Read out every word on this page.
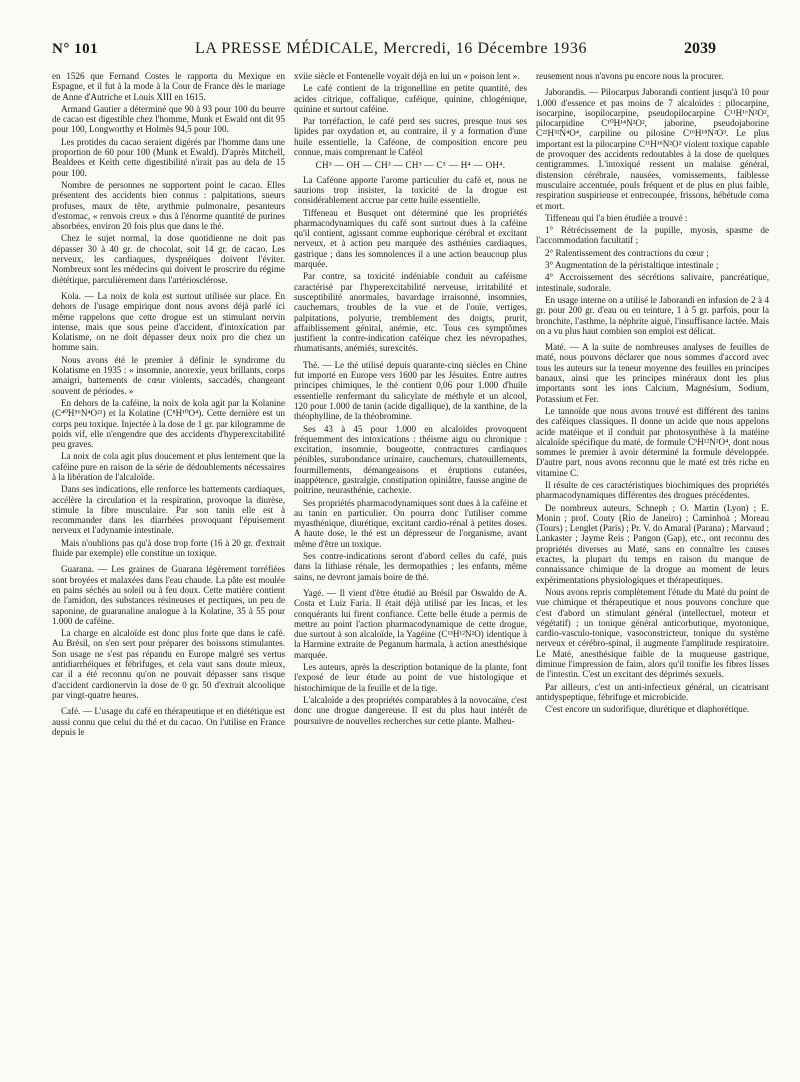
N° 101	LA PRESSE MÉDICALE, Mercredi, 16 Décembre 1936	2039

en 1526 que Fernand Costes le rapporta du Mexique en Espagne, et il fut à la mode à la Cour de France dès le mariage de Anne d'Autriche et Louis XIII en 1615.

Armand Gautier a déterminé que 90 à 93 pour 100 du beurre de cacao est digestible chez l'homme, Munk et Ewald ont dit 95 pour 100, Longworthy et Holmès 94,5 pour 100.

Les protides du cacao seraient digérés par l'homme dans une proportion de 60 pour 100 (Munk et Ewald). D'après Mitchell, Bealdees et Keith cette digestibilité n'irait pas au dela de 15 pour 100.

Nombre de personnes ne supportent point le cacao. Elles présentent des accidents bien connus : palpitations, sueurs profuses, maux de tête, arythmie pulmonaire, pesanteurs d'estomac, « renvois creux » dus à l'énorme quantité de purines absorbées, environ 20 fois plus que dans le thé.

Chez le sujet normal, la dose quotidienne ne doit pas dépasser 30 à 40 gr. de chocolat, soit 14 gr. de cacao. Les nerveux, les cardiaques, dyspnéiques doivent l'éviter. Nombreux sont les médecins qui doivent le proscrire du régime diététique, parculièrement dans l'artériosclérose.

Kola. — La noix de kola est surtout utilisée sur place. En dehors de l'usage empirique dont nous avons déjà parlé ici même rappelons que cette drogue est un stimulant nervin intense, mais que sous peine d'accident, d'intoxication par Kolatisme, on ne doit dépasser deux noix pro die chez un homme sain.

Nous avons été le premier à définir le syndrome du Kolatisme en 1935 : « insomnie, anorexie, yeux brillants, corps amaigri, battements de cœur violents, saccadés, changeant souvent de périodes. »

En dehors de la caféine, la noix de kola agit par la Kolanine (C⁴⁰H⁵⁶N⁴O²¹) et la Kolatine (C⁸H¹⁰O⁴). Cette dernière est un corps peu toxique. Injectée à la dose de 1 gr. par kilogramme de poids vif, elle n'engendre que des accidents d'hyperexcitabilité peu graves.

La noix de cola agit plus doucement et plus lentement que la caféine pure en raison de la série de dédoublements nécessaires à la libération de l'alcaloïde.

Dans ses indications, elle renforce les battements cardiaques, accélère la circulation et la respiration, provoque la diurèse, stimule la fibre musculaire. Par son tanin elle est à recommander dans les diarrhées provoquant l'épuisement nerveux et l'adynamie intestinale.

Mais n'oublions pas qu'à dose trop forte (16 à 20 gr. d'extrait fluide par exemple) elle constitue un toxique.

Guarana. — Les graines de Guarana légèrement torréfiées sont broyées et malaxées dans l'eau chaude. La pâte est moulée en pains séchés au soleil ou à feu doux. Cette matière contient de l'amidon, des substances résineuses et pectiques, un peu de saponine, de guaranaline analogue à la Kolatine, 35 à 55 pour 1.000 de caféine.

La charge en alcaloïde est donc plus forte que dans le café. Au Brésil, on s'en sert pour préparer des boissons stimulantes. Son usage ne s'est pas répandu en Europe malgré ses vertus antidiarrhéiques et fébrifuges, et cela vaut sans doute mieux, car il a été reconnu qu'on ne pouvait dépasser sans risque d'accident cardionervin la dose de 0 gr. 50 d'extrait alcoolique par vingt-quatre heures.

Café. — L'usage du café en thérapeutique et en diététique est aussi connu que celui du thé et du cacao. On l'utilise en France depuis le

xviie siècle et Fontenelle voyait déjà en lui un « poison lent ».

Le café contient de la trigonelline en petite quantité, des acides citrique, coffalique, caféique, quinine, chlogénique, quinine et surtout caféine.

Par torréfaction, le café perd ses sucres, presque tous ses lipides par oxydation et, au contraire, il y a formation d'une huile essentielle, la Caféone, de composition encore peu connue, mais comprenant le Caféol

CH³ — OH — CH³ — CH³ — C⁵ — H⁴ — OH⁴.

La Caféone apporte l'arome particulier du café et, nous ne saurions trop insister, la toxicité de la drogue est considérablement accrue par cette huile essentielle.

Tiffeneau et Busquet ont déterminé que les propriétés pharmacodynamiques du café sont surtout dues à la caféine qu'il contient, agissant comme euphorique cérébral et excitant nerveux, et à action peu marquée des asthénies cardiaques, gastrique ; dans les somnolences il a une action beaucoup plus marquée.

Par contre, sa toxicité indéniable conduit au caféisme caractérisé par l'hyperexcitabilité nerveuse, irritabilité et susceptibilité anormales, bavardage irraisonné, insomnies, cauchemars, troubles de la vue et de l'ouïe, vertiges, palpitations, polyurie, tremblement des doigts, prurit, affaiblissement génital, anémie, etc. Tous ces symptômes justifient la contre-indication caféique chez les névropathes, rhumatisants, anémiés, surexcités.

Thé. — Le thé utilisé depuis quarante-cinq siècles en Chine fut importé en Europe vers 1600 par les Jésuites. Entre autres principes chimiques, le thé contient 0,06 pour 1.000 d'huile essentielle renfermant du salicylate de méthyle et un alcool, 120 pour 1.000 de tanin (acide digallique), de la xanthine, de la théophylline, de la théobromine.

Ses 43 à 45 pour 1.000 en alcaloïdes provoquent fréquemment des intoxications : théisme aigu ou chronique : excitation, insomnie, bougeotte, contractures cardiaques pénibles, surabondance urinaire, cauchemars, chatouillements, fourmillements, démangeaisons et éruptions cutanées, inappétence, gastralgie, constipation opiniâtre, fausse angine de poitrine, neurasthénie, cachexie.

Ses propriétés pharmacodynamiques sont dues à la caféine et au tanin en particulier. On pourra donc l'utiliser comme myasthénique, diurétique, excitant cardio-rénal à petites doses. A haute dose, le thé est un dépresseur de l'organisme, avant même d'être un toxique.

Ses contre-indications seront d'abord celles du café, puis dans la lithiase rénale, les dermopathies ; les enfants, même sains, ne devront jamais boire de thé.

Yagé. — Il vient d'être étudié au Brésil par Oswaldo de A. Costa et Luiz Faria. Il était déjà utilisé par les Incas, et les conquérants lui firent confiance. Cette belle étude a permis de mettre au point l'action pharmacodynamique de cette drogue, due surtout à son alcaloïde, la Yagéine (C¹³H¹²N²O) identique à la Harmine extraite de Peganum harmala, à action anesthésique marquée.

Les auteurs, après la description botanique de la plante, font l'exposé de leur étude au point de vue histologique et histochimique de la feuille et de la tige.

L'alcaloïde a des propriétés comparables à la novocaïne, c'est donc une drogue dangereuse. Il est du plus haut intérêt de poursuivre de nouvelles recherches sur cette plante. Malheu-

reusement nous n'avons pu encore nous la procurer.

Jaborandis. — Pilocarpus Jaborandi contient jusqu'à 10 pour 1.000 d'essence et pas moins de 7 alcaloïdes : pilocarpine, isocarpine, isopilocarpine, pseudopilocarpine C¹¹H¹⁶N²O², pilocarpidine C¹⁰H¹⁴N²O², jaborine, pseudojaborine C²²H³²N⁴O⁴, carpiline ou pilosine C¹⁶H¹⁸N²O³. Le plus important est la pilocarpine C¹¹H¹⁶N²O² violent toxique capable de provoquer des accidents redoutables à la dose de quelques centigrammes. L'intoxiqué ressent un malaise général, distension cérébrale, nausées, vomissements, faiblesse musculaire accentuée, pouls fréquent et de plus en plus faible, respiration suspirieuse et entrecoupée, frissons, hébétude coma et mort.

Tiffeneau qui l'a bien étudiée a trouvé :

1° Rétrécissement de la pupille, myosis, spasme de l'accommodation facultatif ;

2° Ralentissement des contractions du cœur ;

3° Augmentation de la péristaltique intestinale ;

4° Accroissement des sécrétions salivaire, pancréatique, intestinale, sudorale.

En usage interne on a utilisé le Jaborandi en infusion de 2 à 4 gr. pour 200 gr. d'eau ou en teinture, 1 à 5 gr. parfois, pour la bronchite, l'asthme, la néphrite aiguë, l'insuffisance lactée. Mais on a vu plus haut combien son emploi est délicat.

Maté. — A la suite de nombreuses analyses de feuilles de maté, nous pouvons déclarer que nous sommes d'accord avec tous les auteurs sur la teneur moyenne des feuilles en principes banaux, ainsi que les principes minéraux dont les plus importants sont les ions Calcium, Magnésium, Sodium, Potassium et Fer.

Le tannoïde que nous avons trouvé est différent des tanins des caféiques classiques. Il donne un acide que nous appelons acide matéique et il conduit par photosynthèse à la matéine alcaloïde spécifique du maté, de formule C⁹H¹²N²O⁴, dont nous sommes le premier à avoir déterminé la formule développée. D'autre part, nous avons reconnu que le maté est très riche en vitamine C.

Il résulte de ces caractéristiques biochimiques des propriétés pharmacodynamiques différentes des drogues précédentes.

De nombreux auteurs, Schneph ; O. Martin (Lyon) ; E. Monin ; prof. Couty (Rio de Janeiro) ; Caminhoà ; Moreau (Tours) ; Lenglet (Paris) ; Pr. V. do Amaral (Parana) ; Marvaud ; Lankaster ; Jayme Reis ; Pangon (Gap), etc., ont reconnu des propriétés diverses au Maté, sans en connaître les causes exactes, la plupart du temps en raison du manque de connaissance chimique de la drogue au moment de leurs expérimentations physiologiques et thérapeutiques.

Nous avons repris complètement l'étude du Maté du point de vue chimique et thérapeutique et nous pouvons conclure que c'est d'abord un stimulant général (intellectuel, moteur et végétatif) ; un tonique général anticorbutique, myotonique, cardio-vasculo-tonique, vasoconstricteur, tonique du système nerveux et cérébro-spinal, il augmente l'amplitude respiratoire. Le Maté, anesthésique faible de la muqueuse gastrique, diminue l'impression de faim, alors qu'il tonifie les fibres lisses de l'intestin. C'est un excitant des déprimés sexuels.

Par ailleurs, c'est un anti-infectieux général, un cicatrisant antidyspeptique, fébrifuge et microbicide.

C'est encore un sudorifique, diurétique et diaphorétique.
